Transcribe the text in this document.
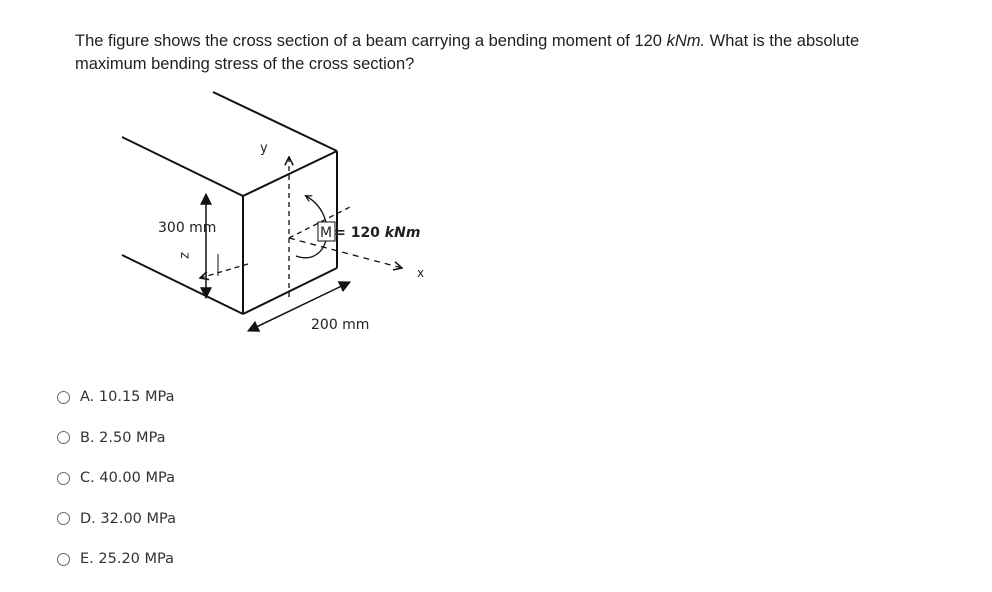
The figure shows the cross section of a beam carrying a bending moment of 120 kNm. What is the absolute maximum bending stress of the cross section?
300 mm
z
y
x
M = 120 kNm
200 mm
A. 10.15 MPa
B. 2.50 MPa
C. 40.00 MPa
D. 32.00 MPa
E. 25.20 MPa
